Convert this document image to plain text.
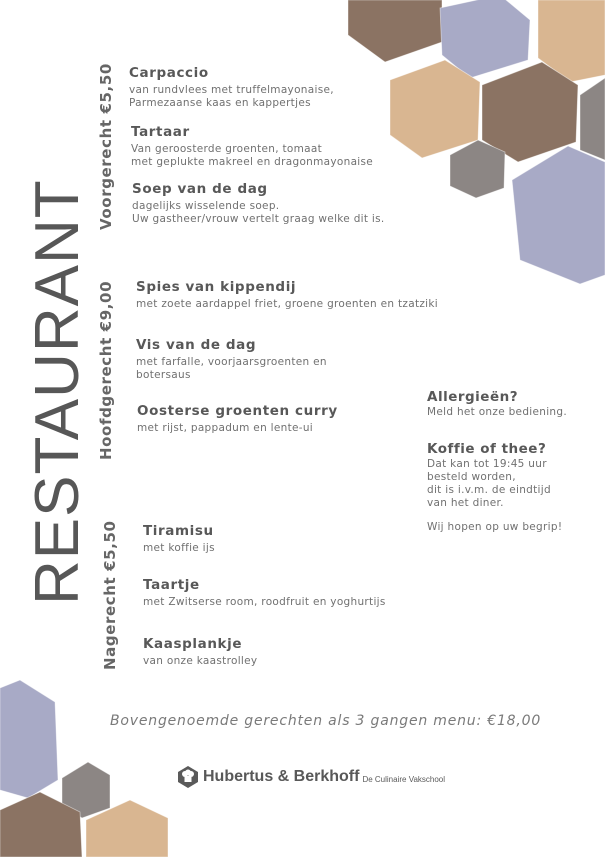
RESTAURANT
Voorgerecht €5,50
Hoofdgerecht €9,00
Nagerecht €5,50
Carpaccio
van rundvlees met truffelmayonaise,
Parmezaanse kaas en kappertjes
Tartaar
Van geroosterde groenten, tomaat
met geplukte makreel en dragonmayonaise
Soep van de dag
dagelijks wisselende soep.
Uw gastheer/vrouw vertelt graag welke dit is.
Spies van kippendij
met zoete aardappel friet, groene groenten en tzatziki
Vis van de dag
met farfalle, voorjaarsgroenten en
botersaus
Oosterse groenten curry
met rijst, pappadum en lente-ui
Tiramisu
met koffie ijs
Taartje
met Zwitserse room, roodfruit en yoghurtijs
Kaasplankje
van onze kaastrolley
Allergieën?
Meld het onze bediening.
Koffie of thee?
Dat kan tot 19:45 uur
besteld worden,
dit is i.v.m. de eindtijd
van het diner.
Wij hopen op uw begrip!
Bovengenoemde gerechten als 3 gangen menu: €18,00
Hubertus & Berkhoff De Culinaire Vakschool
